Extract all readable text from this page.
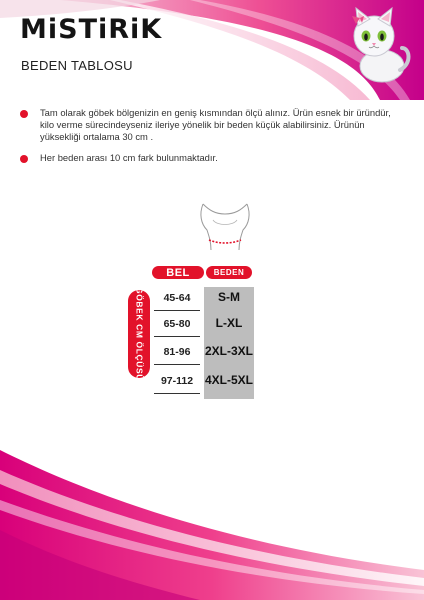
MiSTiRiK
BEDEN TABLOSU
Tam olarak göbek bölgenizin en geniş kısmından ölçü alınız. Ürün esnek bir üründür, kilo verme sürecindeyseniz ileriye yönelik bir beden küçük alabilirsiniz. Ürünün yüksekliği ortalama 30 cm .
Her beden arası 10 cm fark bulunmaktadır.
BEL	BEDEN
GÖBEK CM ÖLÇÜSÜ	45-64	S-M
65-80	L-XL
81-96	2XL-3XL
97-112 4XL-5XL
